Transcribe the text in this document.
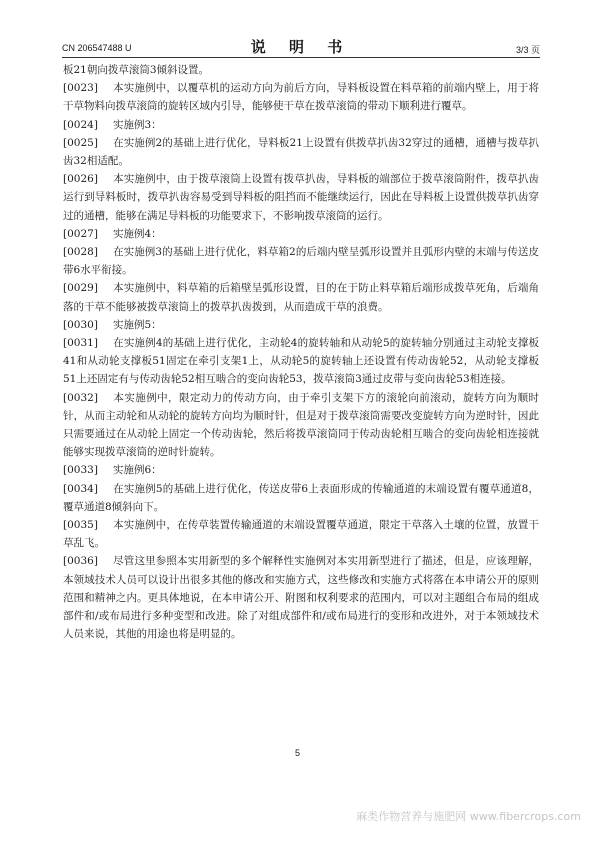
CN 206547488 U	说 明 书	3/3 页
板21朝向拨草滚筒3倾斜设置。
[0023] 本实施例中，以覆草机的运动方向为前后方向，导料板设置在料草箱的前端内壁上，用于将干草物料向拨草滚筒的旋转区域内引导，能够使干草在拨草滚筒的带动下顺利进行覆草。
[0024] 实施例3：
[0025] 在实施例2的基础上进行优化，导料板21上设置有供拨草扒齿32穿过的通槽，通槽与拨草扒齿32相适配。
[0026] 本实施例中，由于拨草滚筒上设置有拨草扒齿，导料板的端部位于拨草滚筒附件，拨草扒齿运行到导料板时，拨草扒齿容易受到导料板的阻挡而不能继续运行，因此在导料板上设置供拨草扒齿穿过的通槽，能够在满足导料板的功能要求下，不影响拨草滚筒的运行。
[0027] 实施例4：
[0028] 在实施例3的基础上进行优化，料草箱2的后端内壁呈弧形设置并且弧形内壁的末端与传送皮带6水平衔接。
[0029] 本实施例中，料草箱的后箱壁呈弧形设置，目的在于防止料草箱后端形成拨草死角，后端角落的干草不能够被拨草滚筒上的拨草扒齿拨到，从而造成干草的浪费。
[0030] 实施例5：
[0031] 在实施例4的基础上进行优化，主动轮4的旋转轴和从动轮5的旋转轴分别通过主动轮支撑板41和从动轮支撑板51固定在牵引支架1上，从动轮5的旋转轴上还设置有传动齿轮52，从动轮支撑板51上还固定有与传动齿轮52相互啮合的变向齿轮53，拨草滚筒3通过皮带与变向齿轮53相连接。
[0032] 本实施例中，限定动力的传动方向，由于牵引支架下方的滚轮向前滚动，旋转方向为顺时针，从而主动轮和从动轮的旋转方向均为顺时针，但是对于拨草滚筒需要改变旋转方向为逆时针，因此只需要通过在从动轮上固定一个传动齿轮，然后将拨草滚筒同于传动齿轮相互啮合的变向齿轮相连接就能够实现拨草滚筒的逆时针旋转。
[0033] 实施例6：
[0034] 在实施例5的基础上进行优化，传送皮带6上表面形成的传输通道的末端设置有覆草通道8，覆草通道8倾斜向下。
[0035] 本实施例中，在传草装置传输通道的末端设置覆草通道，限定干草落入土壤的位置，放置干草乱飞。
[0036] 尽管这里参照本实用新型的多个解释性实施例对本实用新型进行了描述，但是，应该理解，本领域技术人员可以设计出很多其他的修改和实施方式，这些修改和实施方式将落在本申请公开的原则范围和精神之内。更具体地说，在本申请公开、附图和权利要求的范围内，可以对主题组合布局的组成部件和/或布局进行多种变型和改进。除了对组成部件和/或布局进行的变形和改进外，对于本领域技术人员来说，其他的用途也将是明显的。
5
麻类作物营养与施肥网 www.fibercrops.com
